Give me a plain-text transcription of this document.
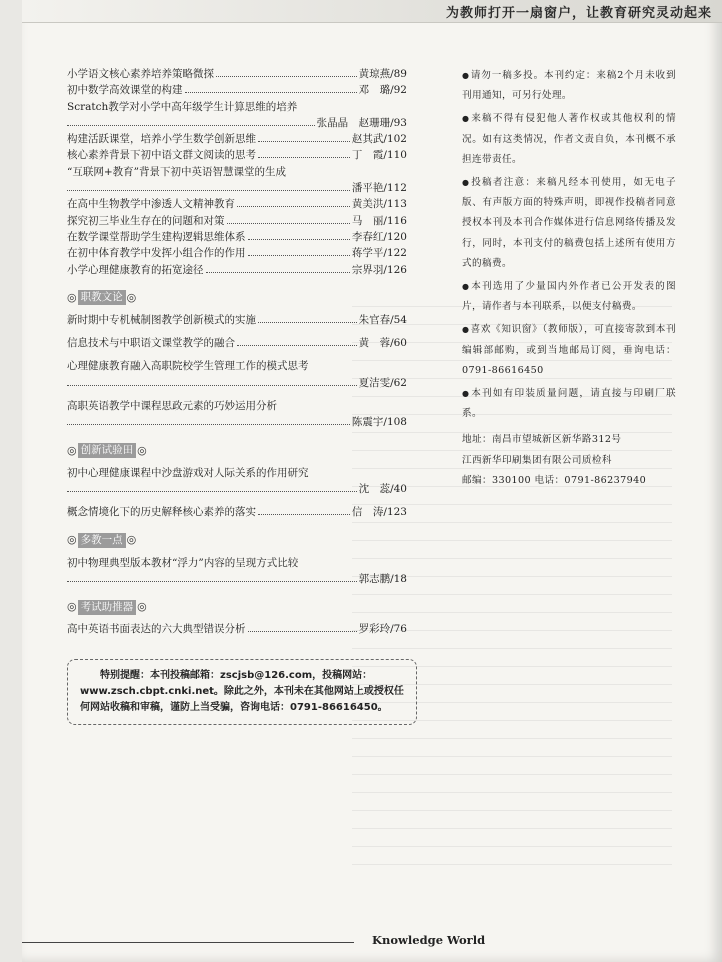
为教师打开一扇窗户，让教育研究灵动起来
小学语文核心素养培养策略微探	黄琼燕/89
初中数学高效课堂的构建	邓　璐/92
Scratch教学对小学中高年级学生计算思维的培养
张晶晶　赵珊珊/93
构建活跃课堂，培养小学生数学创新思维	赵其武/102
核心素养背景下初中语文群文阅读的思考	丁　霞/110
“互联网+教育”背景下初中英语智慧课堂的生成
潘平艳/112
在高中生物教学中渗透人文精神教育	黄美洪/113
探究初三毕业生存在的问题和对策	马　丽/116
在数学课堂帮助学生建构逻辑思维体系	李春红/120
在初中体育教学中发挥小组合作的作用	蒋学平/122
小学心理健康教育的拓宽途径	宗界羽/126
◎ 职教文论 ◎
新时期中专机械制图教学创新模式的实施	朱官春/54
信息技术与中职语文课堂教学的融合	黄　蓉/60
心理健康教育融入高职院校学生管理工作的模式思考
夏洁雯/62
高职英语教学中课程思政元素的巧妙运用分析
陈震宇/108
◎ 创新试验田 ◎
初中心理健康课程中沙盘游戏对人际关系的作用研究
沈　蕊/40
概念情境化下的历史解释核心素养的落实	信　涛/123
◎ 多教一点 ◎
初中物理典型版本教材“浮力”内容的呈现方式比较
郭志鹏/18
◎ 考试助推器 ◎
高中英语书面表达的六大典型错误分析	罗彩玲/76

特别提醒：本刊投稿邮箱：zscjsb@126.com，投稿网站：www.zsch.cbpt.cnki.net。除此之外，本刊未在其他网站上或授权任何网站收稿和审稿，谨防上当受骗，咨询电话：0791-86616450。

●请勿一稿多投。本刊约定：来稿2个月未收到刊用通知，可另行处理。
●来稿不得有侵犯他人著作权或其他权利的情况。如有这类情况，作者文责自负，本刊概不承担连带责任。
●投稿者注意：来稿凡经本刊使用，如无电子版、有声版方面的特殊声明，即视作投稿者同意授权本刊及本刊合作媒体进行信息网络传播及发行，同时，本刊支付的稿费包括上述所有使用方式的稿费。
●本刊选用了少量国内外作者已公开发表的图片，请作者与本刊联系，以便支付稿费。
●喜欢《知识窗》（教师版），可直接寄款到本刊编辑部邮购，或到当地邮局订阅，垂询电话：0791-86616450
●本刊如有印装质量问题，请直接与印刷厂联系。
地址：南昌市望城新区新华路312号
江西新华印刷集团有限公司质检科
邮编：330100 电话：0791-86237940
Knowledge World
